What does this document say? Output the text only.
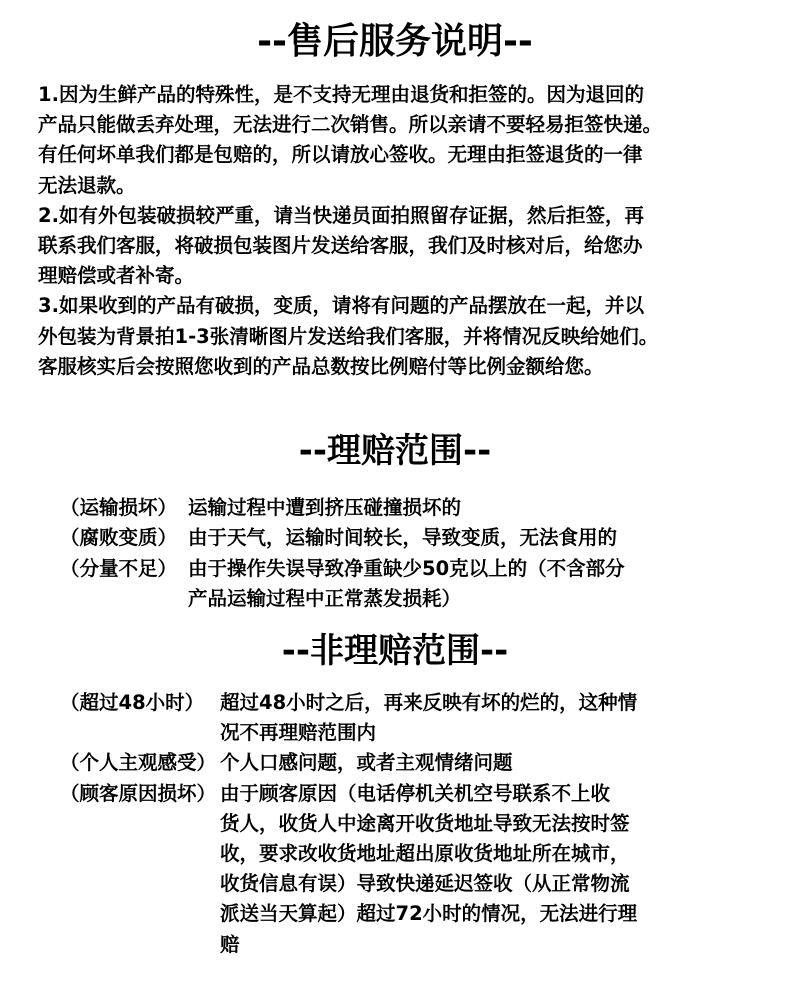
--售后服务说明--
1.因为生鲜产品的特殊性，是不支持无理由退货和拒签的。因为退回的
产品只能做丢弃处理，无法进行二次销售。所以亲请不要轻易拒签快递。
有任何坏单我们都是包赔的，所以请放心签收。无理由拒签退货的一律
无法退款。
2.如有外包装破损较严重，请当快递员面拍照留存证据，然后拒签，再
联系我们客服，将破损包装图片发送给客服，我们及时核对后，给您办
理赔偿或者补寄。
3.如果收到的产品有破损，变质，请将有问题的产品摆放在一起，并以
外包装为背景拍1-3张清晰图片发送给我们客服，并将情况反映给她们。
客服核实后会按照您收到的产品总数按比例赔付等比例金额给您。
--理赔范围--
（运输损坏） 运输过程中遭到挤压碰撞损坏的
（腐败变质） 由于天气，运输时间较长，导致变质，无法食用的
（分量不足） 由于操作失误导致净重缺少50克以上的（不含部分
产品运输过程中正常蒸发损耗）
--非理赔范围--
（超过48小时） 超过48小时之后，再来反映有坏的烂的，这种情
况不再理赔范围内
（个人主观感受） 个人口感问题，或者主观情绪问题
（顾客原因损坏） 由于顾客原因（电话停机关机空号联系不上收
货人，收货人中途离开收货地址导致无法按时签
收，要求改收货地址超出原收货地址所在城市，
收货信息有误）导致快递延迟签收（从正常物流
派送当天算起）超过72小时的情况，无法进行理
赔
